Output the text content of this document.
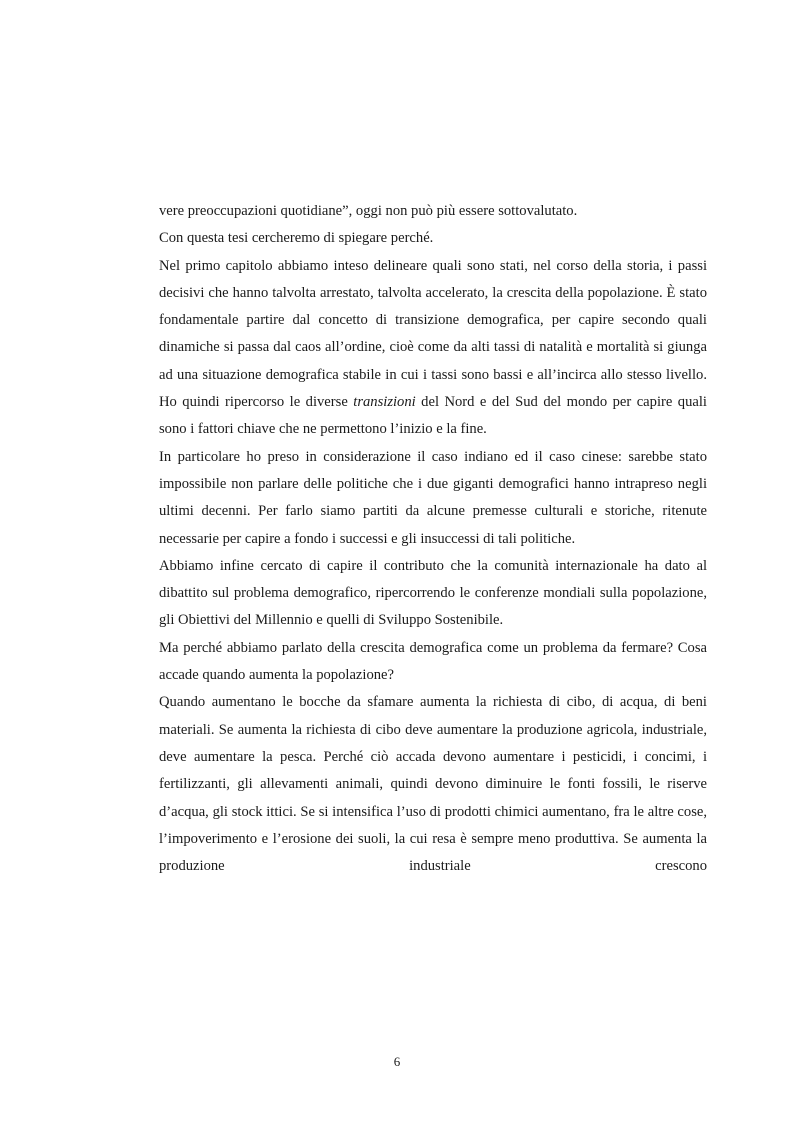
vere preoccupazioni quotidiane”, oggi non può più essere sottovalutato.

Con questa tesi cercheremo di spiegare perché.

Nel primo capitolo abbiamo inteso delineare quali sono stati, nel corso della storia, i passi decisivi che hanno talvolta arrestato, talvolta accelerato, la crescita della popolazione. È stato fondamentale partire dal concetto di transizione demografica, per capire secondo quali dinamiche si passa dal caos all’ordine, cioè come da alti tassi di natalità e mortalità si giunga ad una situazione demografica stabile in cui i tassi sono bassi e all’incirca allo stesso livello. Ho quindi ripercorso le diverse transizioni del Nord e del Sud del mondo per capire quali sono i fattori chiave che ne permettono l’inizio e la fine.

In particolare ho preso in considerazione il caso indiano ed il caso cinese: sarebbe stato impossibile non parlare delle politiche che i due giganti demografici hanno intrapreso negli ultimi decenni. Per farlo siamo partiti da alcune premesse culturali e storiche, ritenute necessarie per capire a fondo i successi e gli insuccessi di tali politiche.

Abbiamo infine cercato di capire il contributo che la comunità internazionale ha dato al dibattito sul problema demografico, ripercorrendo le conferenze mondiali sulla popolazione, gli Obiettivi del Millennio e quelli di Sviluppo Sostenibile.

Ma perché abbiamo parlato della crescita demografica come un problema da fermare? Cosa accade quando aumenta la popolazione?

Quando aumentano le bocche da sfamare aumenta la richiesta di cibo, di acqua, di beni materiali. Se aumenta la richiesta di cibo deve aumentare la produzione agricola, industriale, deve aumentare la pesca. Perché ciò accada devono aumentare i pesticidi, i concimi, i fertilizzanti, gli allevamenti animali, quindi devono diminuire le fonti fossili, le riserve d’acqua, gli stock ittici. Se si intensifica l’uso di prodotti chimici aumentano, fra le altre cose, l’impoverimento e l’erosione dei suoli, la cui resa è sempre meno produttiva. Se aumenta la produzione industriale crescono

6
